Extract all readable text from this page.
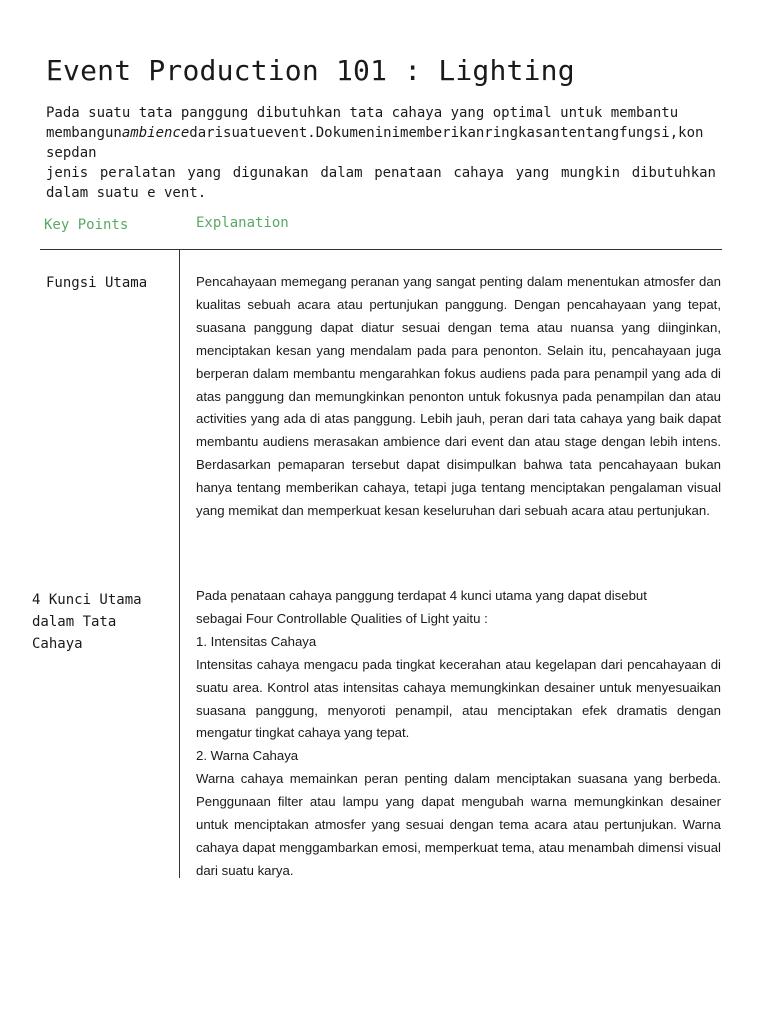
Event Production 101 : Lighting
Pada suatu tata panggung dibutuhkan tata cahaya yang optimal untuk membantu
membangunambiencedarisuatuevent.Dokumeninimemberikanringkasantentangfungsi,kon
sepdan
jenis peralatan yang digunakan dalam penataan cahaya yang mungkin dibutuhkan
dalam suatu e vent.
Key Points	Explanation
Fungsi Utama	Pencahayaan memegang peranan yang sangat penting dalam menentukan atmosfer dan kualitas sebuah acara atau pertunjukan panggung. Dengan pencahayaan yang tepat, suasana panggung dapat diatur sesuai dengan tema atau nuansa yang diinginkan, menciptakan kesan yang mendalam pada para penonton. Selain itu, pencahayaan juga berperan dalam membantu mengarahkan fokus audiens pada para penampil yang ada di atas panggung dan memungkinkan penonton untuk fokusnya pada penampilan dan atau activities yang ada di atas panggung. Lebih jauh, peran dari tata cahaya yang baik dapat membantu audiens merasakan ambience dari event dan atau stage dengan lebih intens. Berdasarkan pemaparan tersebut dapat disimpulkan bahwa tata pencahayaan bukan hanya tentang memberikan cahaya, tetapi juga tentang menciptakan pengalaman visual yang memikat dan memperkuat kesan keseluruhan dari sebuah acara atau pertunjukan.

4 Kunci Utama
dalam Tata
Cahaya

Pada penataan cahaya panggung terdapat 4 kunci utama yang dapat disebut

sebagai Four Controllable Qualities of Light yaitu :

1. Intensitas Cahaya

Intensitas cahaya mengacu pada tingkat kecerahan atau kegelapan dari pencahayaan di suatu area. Kontrol atas intensitas cahaya memungkinkan desainer untuk menyesuaikan suasana panggung, menyoroti penampil, atau menciptakan efek dramatis dengan mengatur tingkat cahaya yang tepat.

2. Warna Cahaya

Warna cahaya memainkan peran penting dalam menciptakan suasana yang berbeda. Penggunaan filter atau lampu yang dapat mengubah warna memungkinkan desainer untuk menciptakan atmosfer yang sesuai dengan tema acara atau pertunjukan. Warna cahaya dapat menggambarkan emosi, memperkuat tema, atau menambah dimensi visual dari suatu karya.
